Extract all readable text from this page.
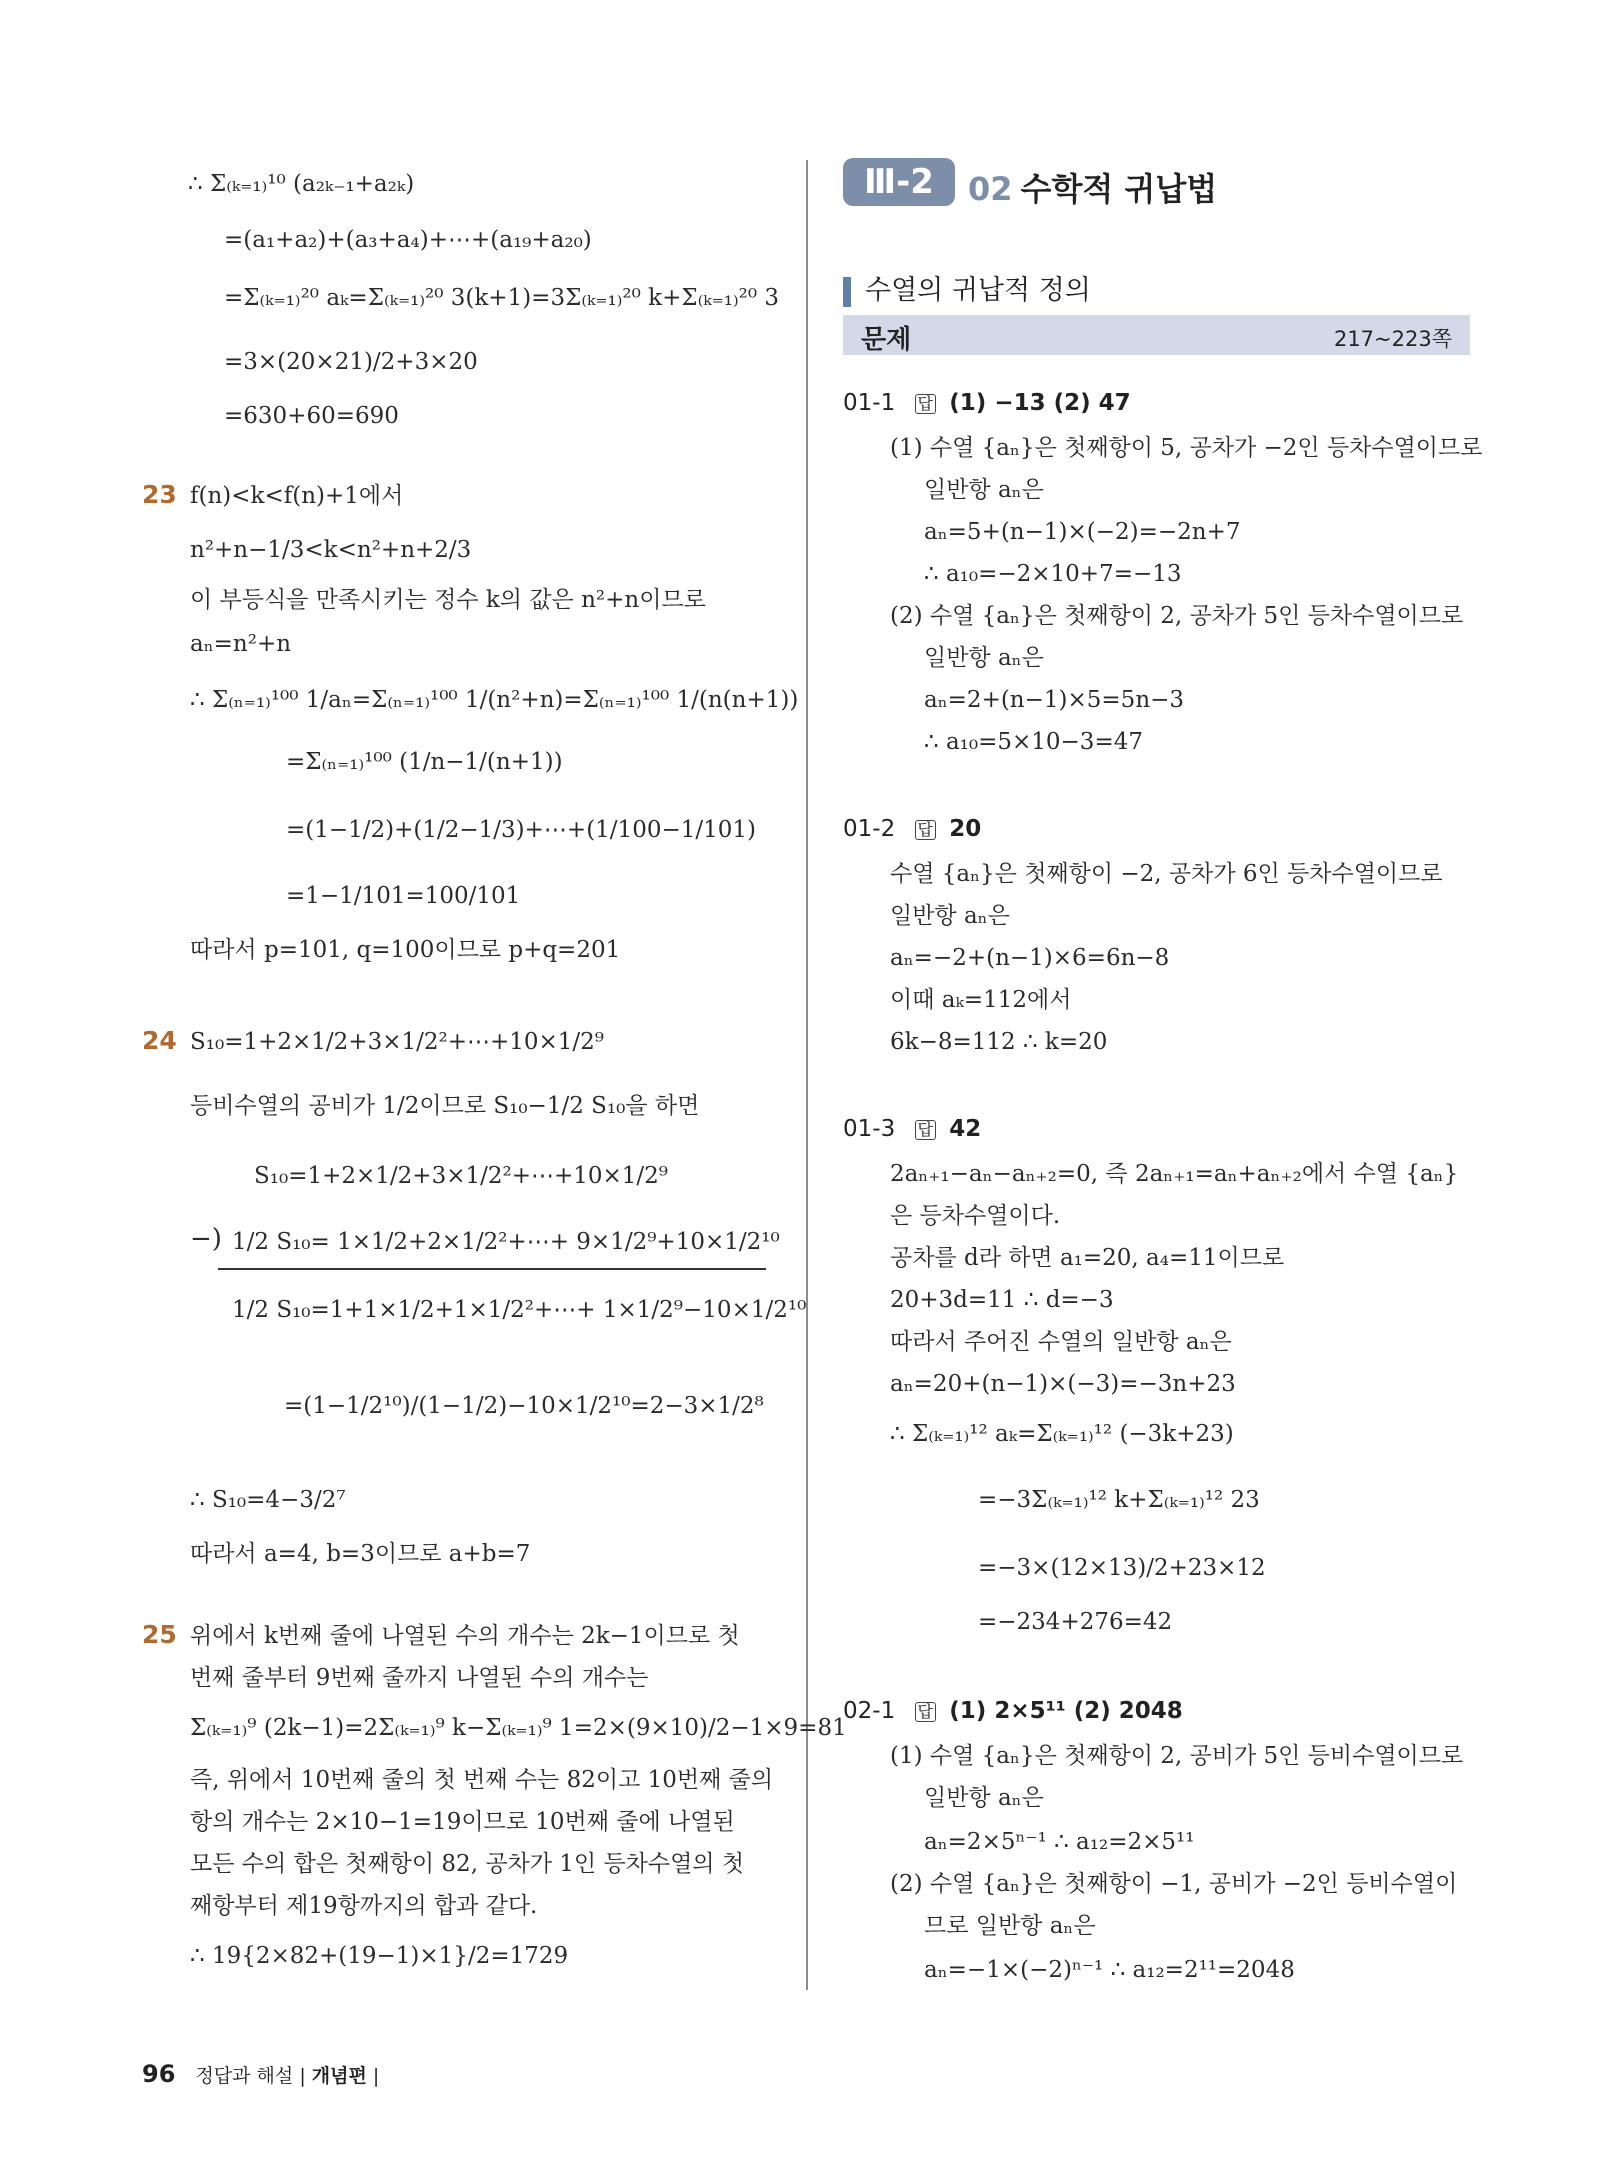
∴ Σ₍ₖ₌₁₎¹⁰ (a₂ₖ₋₁+a₂ₖ)
=(a₁+a₂)+(a₃+a₄)+⋯+(a₁₉+a₂₀)
=Σ₍ₖ₌₁₎²⁰ aₖ=Σ₍ₖ₌₁₎²⁰ 3(k+1)=3Σ₍ₖ₌₁₎²⁰ k+Σ₍ₖ₌₁₎²⁰ 3
=3×(20×21)/2+3×20
=630+60=690
23 f(n)<k<f(n)+1에서
n²+n−1/3<k<n²+n+2/3
이 부등식을 만족시키는 정수 k의 값은 n²+n이므로
aₙ=n²+n
∴ Σ₍ₙ₌₁₎¹⁰⁰ 1/aₙ=Σ₍ₙ₌₁₎¹⁰⁰ 1/(n²+n)=Σ₍ₙ₌₁₎¹⁰⁰ 1/(n(n+1))
=Σ₍ₙ₌₁₎¹⁰⁰ (1/n−1/(n+1))
=(1−1/2)+(1/2−1/3)+⋯+(1/100−1/101)
=1−1/101=100/101
따라서 p=101, q=100이므로 p+q=201
24 S₁₀=1+2×1/2+3×1/2²+⋯+10×1/2⁹
등비수열의 공비가 1/2이므로 S₁₀−1/2 S₁₀을 하면
S₁₀=1+2×1/2+3×1/2²+⋯+10×1/2⁹
−) 1/2 S₁₀= 1×1/2+2×1/2²+⋯+ 9×1/2⁹+10×1/2¹⁰
1/2 S₁₀=1+1×1/2+1×1/2²+⋯+ 1×1/2⁹−10×1/2¹⁰
=(1−1/2¹⁰)/(1−1/2)−10×1/2¹⁰=2−3×1/2⁸
∴ S₁₀=4−3/2⁷
따라서 a=4, b=3이므로 a+b=7
25 위에서 k번째 줄에 나열된 수의 개수는 2k−1이므로 첫
번째 줄부터 9번째 줄까지 나열된 수의 개수는
Σ₍ₖ₌₁₎⁹ (2k−1)=2Σ₍ₖ₌₁₎⁹ k−Σ₍ₖ₌₁₎⁹ 1=2×(9×10)/2−1×9=81
즉, 위에서 10번째 줄의 첫 번째 수는 82이고 10번째 줄의
항의 개수는 2×10−1=19이므로 10번째 줄에 나열된
모든 수의 합은 첫째항이 82, 공차가 1인 등차수열의 첫
째항부터 제19항까지의 합과 같다.
∴ 19{2×82+(19−1)×1}/2=1729
Ⅲ-2	02 수학적 귀납법
수열의 귀납적 정의
문제	217~223쪽
01-1 답 (1) −13 (2) 47
(1) 수열 {aₙ}은 첫째항이 5, 공차가 −2인 등차수열이므로
일반항 aₙ은
aₙ=5+(n−1)×(−2)=−2n+7
∴ a₁₀=−2×10+7=−13
(2) 수열 {aₙ}은 첫째항이 2, 공차가 5인 등차수열이므로
일반항 aₙ은
aₙ=2+(n−1)×5=5n−3
∴ a₁₀=5×10−3=47
01-2 답 20
수열 {aₙ}은 첫째항이 −2, 공차가 6인 등차수열이므로
일반항 aₙ은
aₙ=−2+(n−1)×6=6n−8
이때 aₖ=112에서
6k−8=112 ∴ k=20
01-3 답 42
2aₙ₊₁−aₙ−aₙ₊₂=0, 즉 2aₙ₊₁=aₙ+aₙ₊₂에서 수열 {aₙ}
은 등차수열이다.
공차를 d라 하면 a₁=20, a₄=11이므로
20+3d=11 ∴ d=−3
따라서 주어진 수열의 일반항 aₙ은
aₙ=20+(n−1)×(−3)=−3n+23
∴ Σ₍ₖ₌₁₎¹² aₖ=Σ₍ₖ₌₁₎¹² (−3k+23)
=−3Σ₍ₖ₌₁₎¹² k+Σ₍ₖ₌₁₎¹² 23
=−3×(12×13)/2+23×12
=−234+276=42
02-1 답 (1) 2×5¹¹ (2) 2048
(1) 수열 {aₙ}은 첫째항이 2, 공비가 5인 등비수열이므로
일반항 aₙ은
aₙ=2×5ⁿ⁻¹ ∴ a₁₂=2×5¹¹
(2) 수열 {aₙ}은 첫째항이 −1, 공비가 −2인 등비수열이
므로 일반항 aₙ은
aₙ=−1×(−2)ⁿ⁻¹ ∴ a₁₂=2¹¹=2048
96 정답과 해설 | 개념편 |
